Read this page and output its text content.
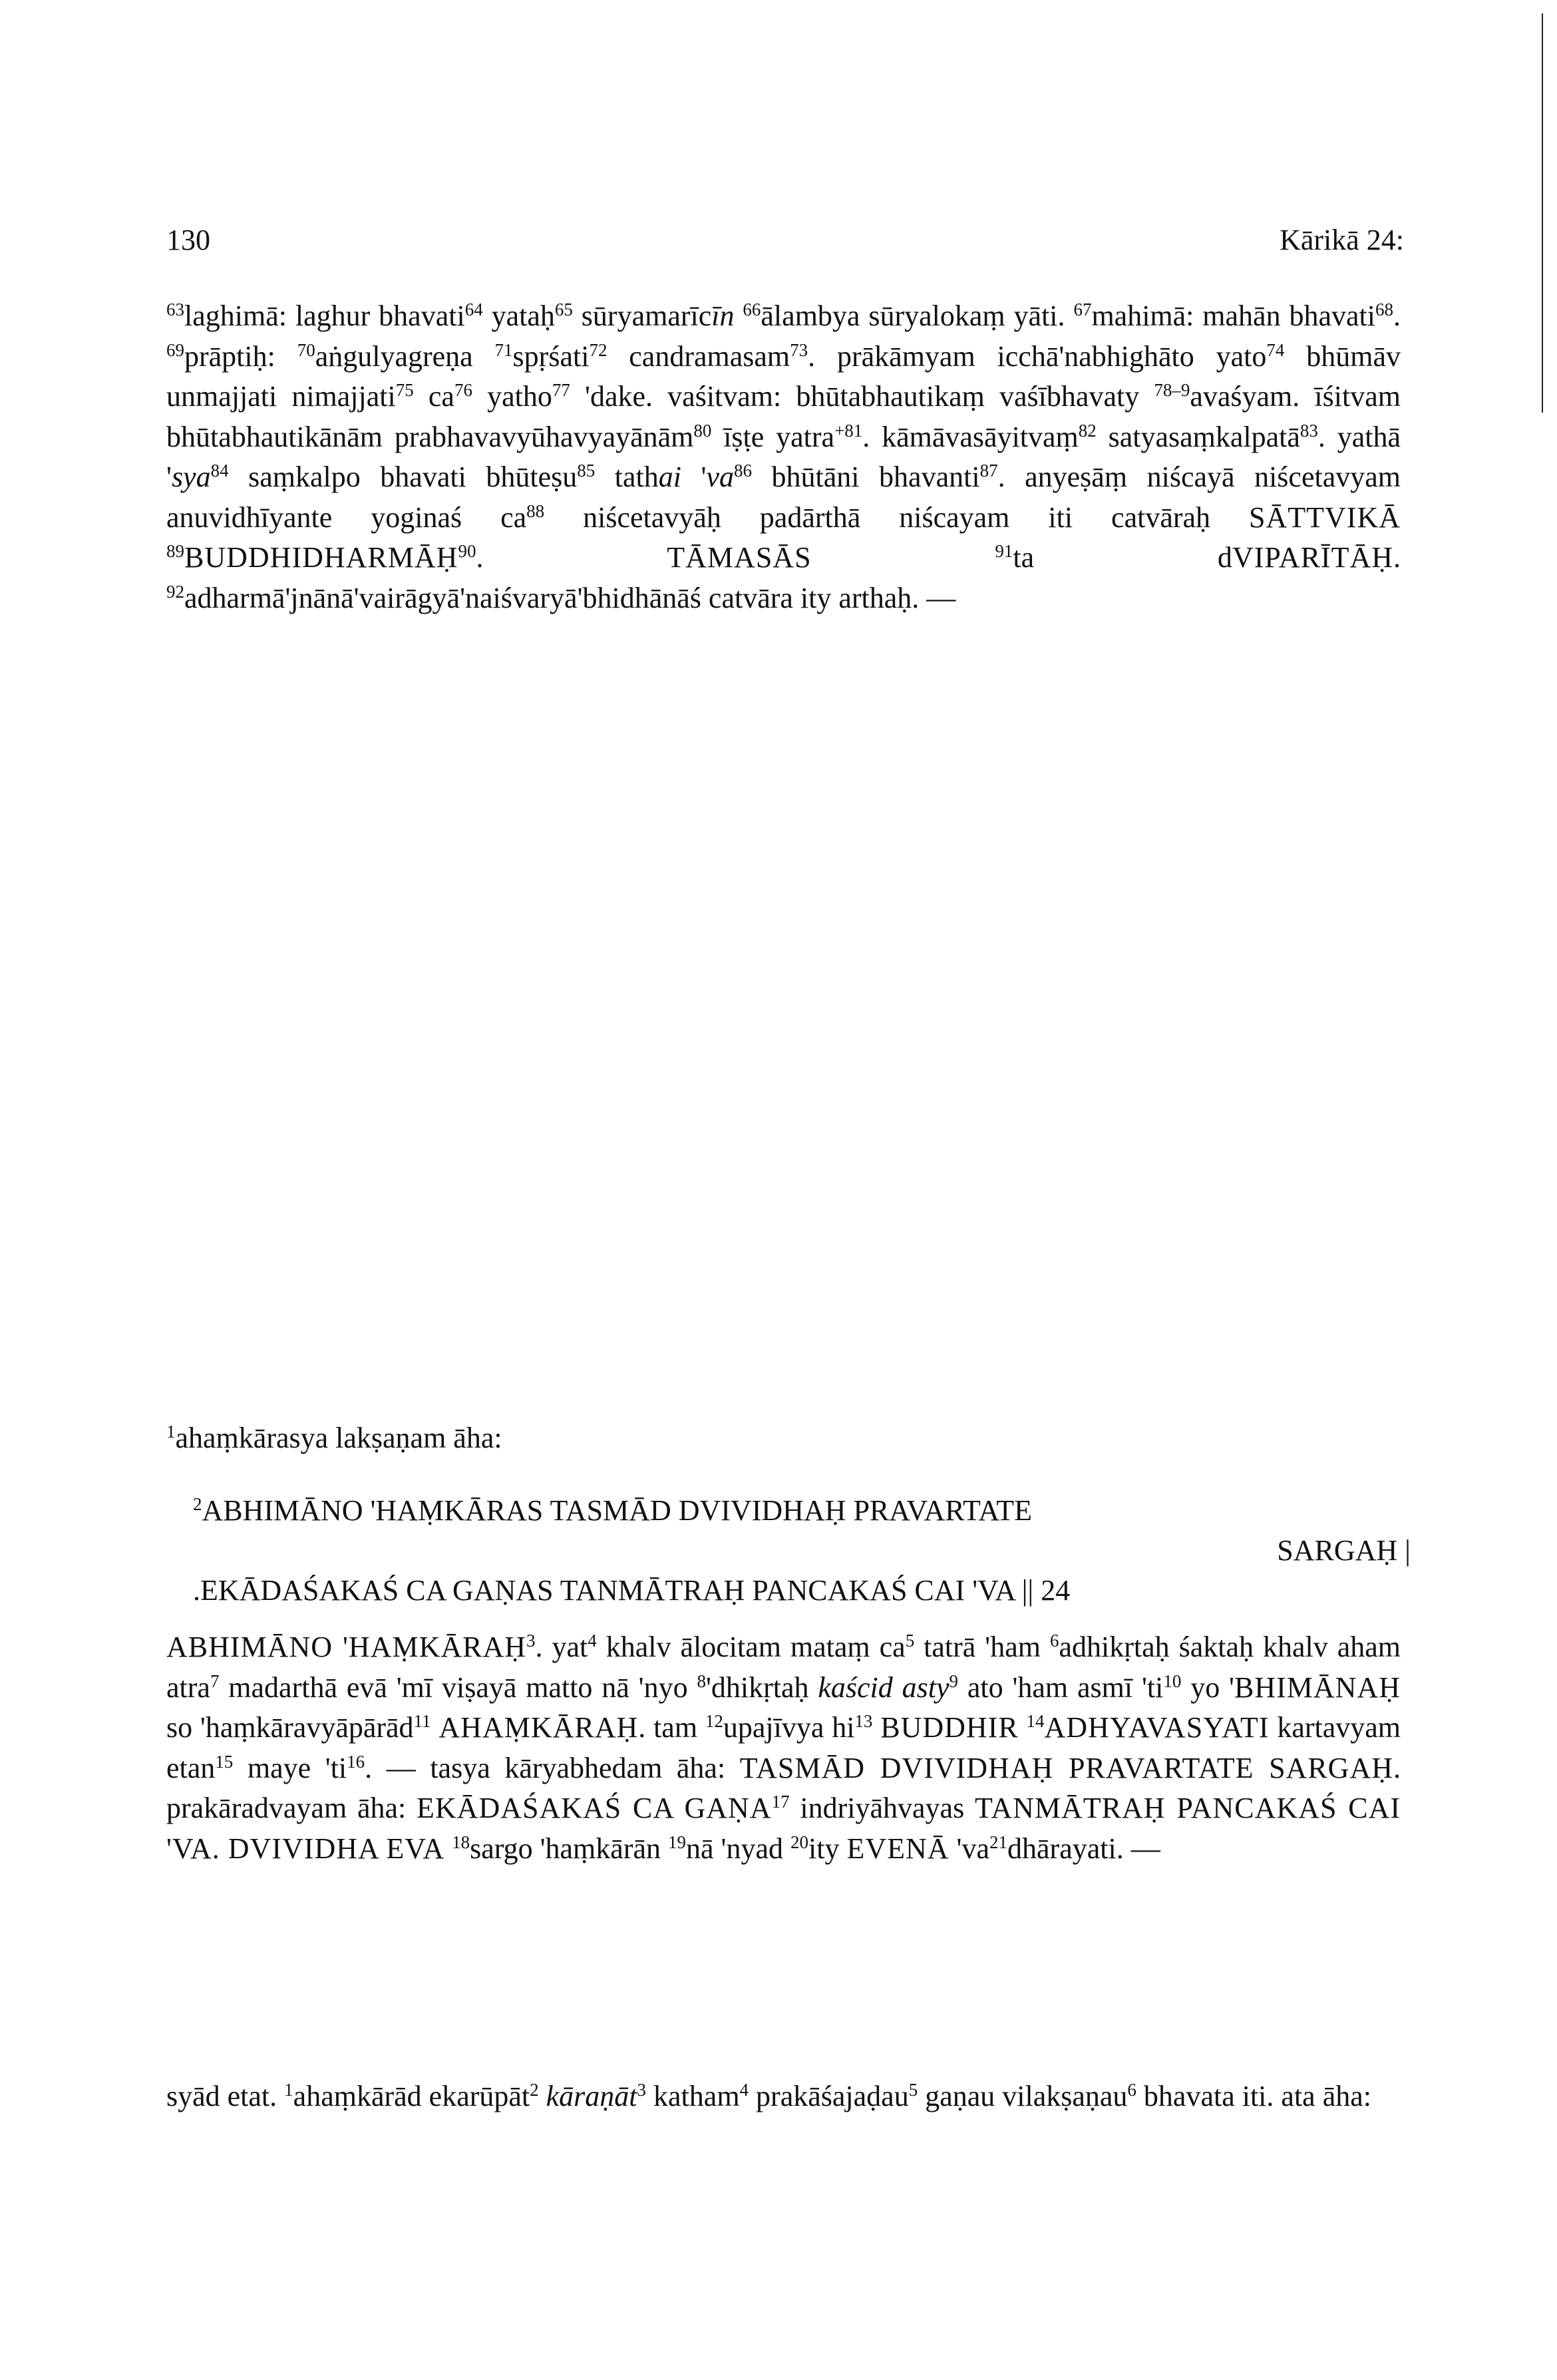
130	Kārikā 24:
$^{63}$laghimā: laghur bhavati$^{64}$ yataḥ$^{65}$ sūryamarīcīn $^{66}$ālambya sūryalokaṃ yāti. $^{67}$mahimā: mahān bhavati$^{68}$. $^{69}$prāptiḥ: $^{70}$aṅgulyagreṇa $^{71}$spṛśati$^{72}$ candramasam$^{73}$. prākāmyam icchā'nabhighāto yato$^{74}$ bhūmāv unmajjati nimajjati$^{75}$ $ca^{76}$ yatho$^{77}$ 'dake. vaśitvam: bhūtabhautikaṃ vaśībhavaty $^{78-9}$avaśyam. īśitvam bhūtabhautikānām prabhavavyūhavyayānām$^{80}$ īṣṭe yatra$^{+81}$. kāmāvasāyitvaṃ$^{82}$ satyasaṃkalpatā$^{83}$. yathā 'sya$^{84}$ saṃkalpo bhavati bhūteṣu$^{85}$ tathai '$va^{86}$ bhūtāni bhavanti$^{87}$. anyeṣāṃ niścayā niścetavyam anuvidhīyante yoginaś $ca^{88}$ niścetavyāḥ padārthā niścayam iti catvāraḥ SĀTTVIKĀ $^{89}$BUDDHIDHARMĀḤ$^{90}$. TĀMASĀS	$^{91}$ta dVIPARĪTĀḤ. $^{92}$adharmā'jnānā'vairāgyā'naiśvaryā'bhidhānāś catvāra ity arthaḥ. —
$^1$ahaṃkārasya lakṣaṇam āha:
$^2$ABHIMĀNO 'HAṂKĀRAS TASMĀD DVIVIDHAḤ PRAVARTATE
SARGAḤ |
.EKĀDAŚAKAŚ CA GAṆAS TANMĀTRAḤ PANCAKAŚ CAI 'VA || 24
ABHIMĀNO 'HAṂKĀRAḤ$^3$. yat$^4$ khalv ālocitam mataṃ $ca^5$ tatrā 'ham $^6$adhikṛtaḥ śaktaḥ khalv aham atra$^7$ madarthā evā 'mī viṣayā matto nā 'nyo $^8$'dhikṛtaḥ kaścid asty$^9$ ato 'ham asmī '$ti^{10}$ yo 'BHIMĀNAḤ so 'haṃkāravyāpārād$^{11}$ AHAṂKĀRAḤ. tam $^{12}$upajīvya $hi^{13}$ BUDDHIR $^{14}$ADHYAVASYATI kartavyam etan$^{15}$ maye '$ti^{16}$. — tasya kāryabhedam āha: TASMĀD DVIVIDHAḤ PRAVARTATE SARGAḤ. prakāradvayam āha: EKĀDAŚAKAŚ CA GAṆA$^{17}$ indriyāhvayas TANMĀTRAḤ PANCAKAŚ CAI 'VA. DVIVIDHA EVA $^{18}$sargo 'haṃkārān $^{19}$nā 'nyad $^{20}$ity EVENĀ '$va^{21}dhārayati$. —
syād etat. $^1$ahaṃkārād ekarūpāt$^2$ kāraṇāt$^3$ katham$^4$ prakāśajaḍau$^5$ gaṇau vilakṣaṇau$^6$ bhavata iti. ata āha:
